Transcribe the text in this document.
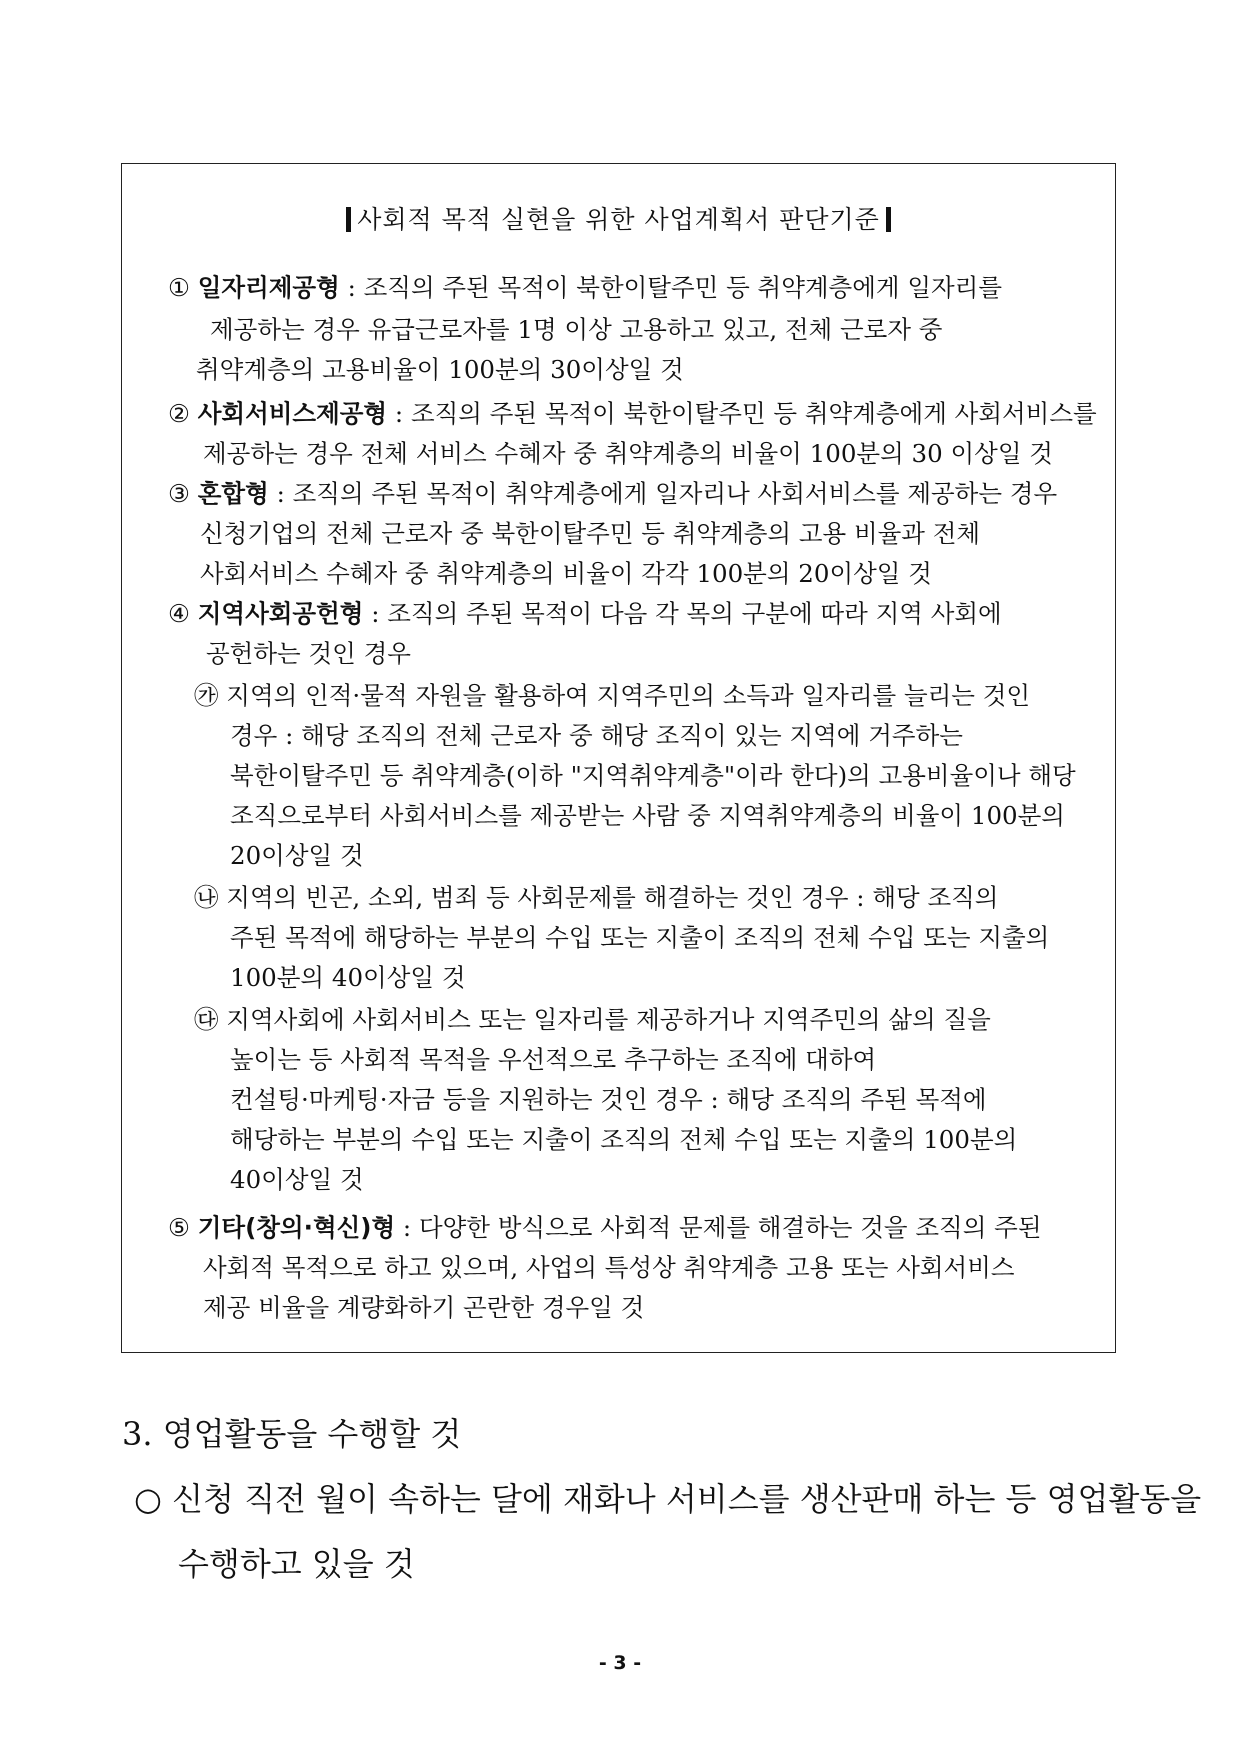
사회적 목적 실현을 위한 사업계획서 판단기준
① 일자리제공형 : 조직의 주된 목적이 북한이탈주민 등 취약계층에게 일자리를
제공하는 경우 유급근로자를 1명 이상 고용하고 있고, 전체 근로자 중
취약계층의 고용비율이 100분의 30이상일 것
② 사회서비스제공형 : 조직의 주된 목적이 북한이탈주민 등 취약계층에게 사회서비스를
제공하는 경우 전체 서비스 수혜자 중 취약계층의 비율이 100분의 30 이상일 것
③ 혼합형 : 조직의 주된 목적이 취약계층에게 일자리나 사회서비스를 제공하는 경우
신청기업의 전체 근로자 중 북한이탈주민 등 취약계층의 고용 비율과 전체
사회서비스 수혜자 중 취약계층의 비율이 각각 100분의 20이상일 것
④ 지역사회공헌형 : 조직의 주된 목적이 다음 각 목의 구분에 따라 지역 사회에
공헌하는 것인 경우
㉮ 지역의 인적·물적 자원을 활용하여 지역주민의 소득과 일자리를 늘리는 것인
경우 : 해당 조직의 전체 근로자 중 해당 조직이 있는 지역에 거주하는
북한이탈주민 등 취약계층(이하 "지역취약계층"이라 한다)의 고용비율이나 해당
조직으로부터 사회서비스를 제공받는 사람 중 지역취약계층의 비율이 100분의
20이상일 것
㉯ 지역의 빈곤, 소외, 범죄 등 사회문제를 해결하는 것인 경우 : 해당 조직의
주된 목적에 해당하는 부분의 수입 또는 지출이 조직의 전체 수입 또는 지출의
100분의 40이상일 것
㉰ 지역사회에 사회서비스 또는 일자리를 제공하거나 지역주민의 삶의 질을
높이는 등 사회적 목적을 우선적으로 추구하는 조직에 대하여
컨설팅·마케팅·자금 등을 지원하는 것인 경우 : 해당 조직의 주된 목적에
해당하는 부분의 수입 또는 지출이 조직의 전체 수입 또는 지출의 100분의
40이상일 것
⑤ 기타(창의·혁신)형 : 다양한 방식으로 사회적 문제를 해결하는 것을 조직의 주된
사회적 목적으로 하고 있으며, 사업의 특성상 취약계층 고용 또는 사회서비스
제공 비율을 계량화하기 곤란한 경우일 것
3. 영업활동을 수행할 것
○ 신청 직전 월이 속하는 달에 재화나 서비스를 생산판매 하는 등 영업활동을
수행하고 있을 것
- 3 -
